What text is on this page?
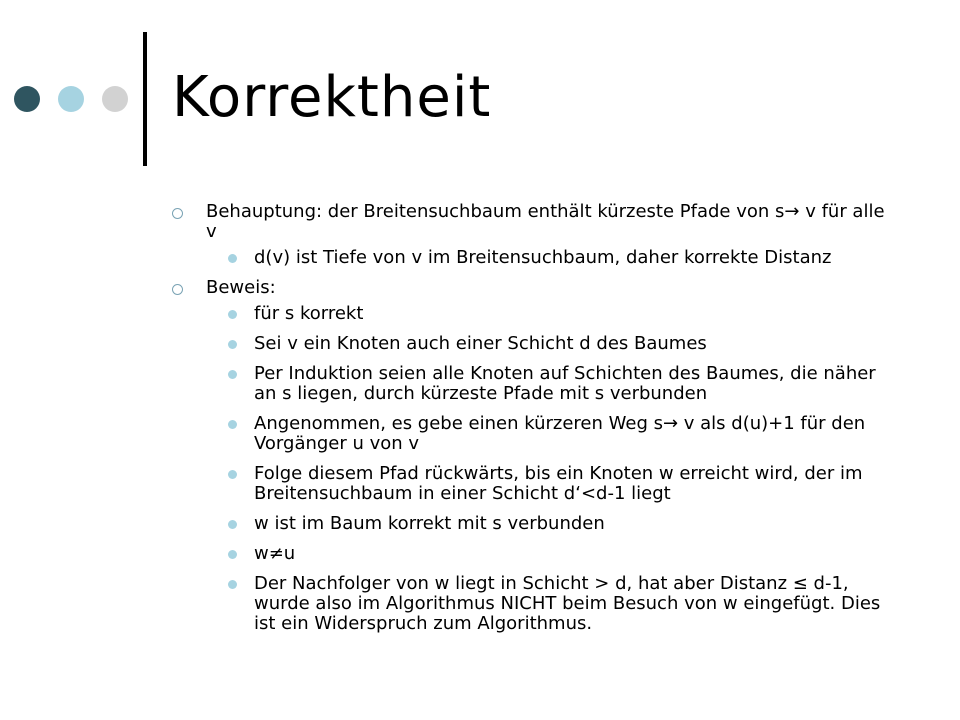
Korrektheit
Behauptung: der Breitensuchbaum enthält kürzeste Pfade von s→ v für alle v
d(v) ist Tiefe von v im Breitensuchbaum, daher korrekte Distanz
Beweis:
für s korrekt
Sei v ein Knoten auch einer Schicht d des Baumes
Per Induktion seien alle Knoten auf Schichten des Baumes, die näher an s liegen, durch kürzeste Pfade mit s verbunden
Angenommen, es gebe einen kürzeren Weg s→ v als d(u)+1 für den Vorgänger u von v
Folge diesem Pfad rückwärts, bis ein Knoten w erreicht wird, der im Breitensuchbaum in einer Schicht d‘<d-1 liegt
w ist im Baum korrekt mit s verbunden
w≠u
Der Nachfolger von w liegt in Schicht > d, hat aber Distanz ≤ d-1, wurde also im Algorithmus NICHT beim Besuch von w eingefügt. Dies ist ein Widerspruch zum Algorithmus.
